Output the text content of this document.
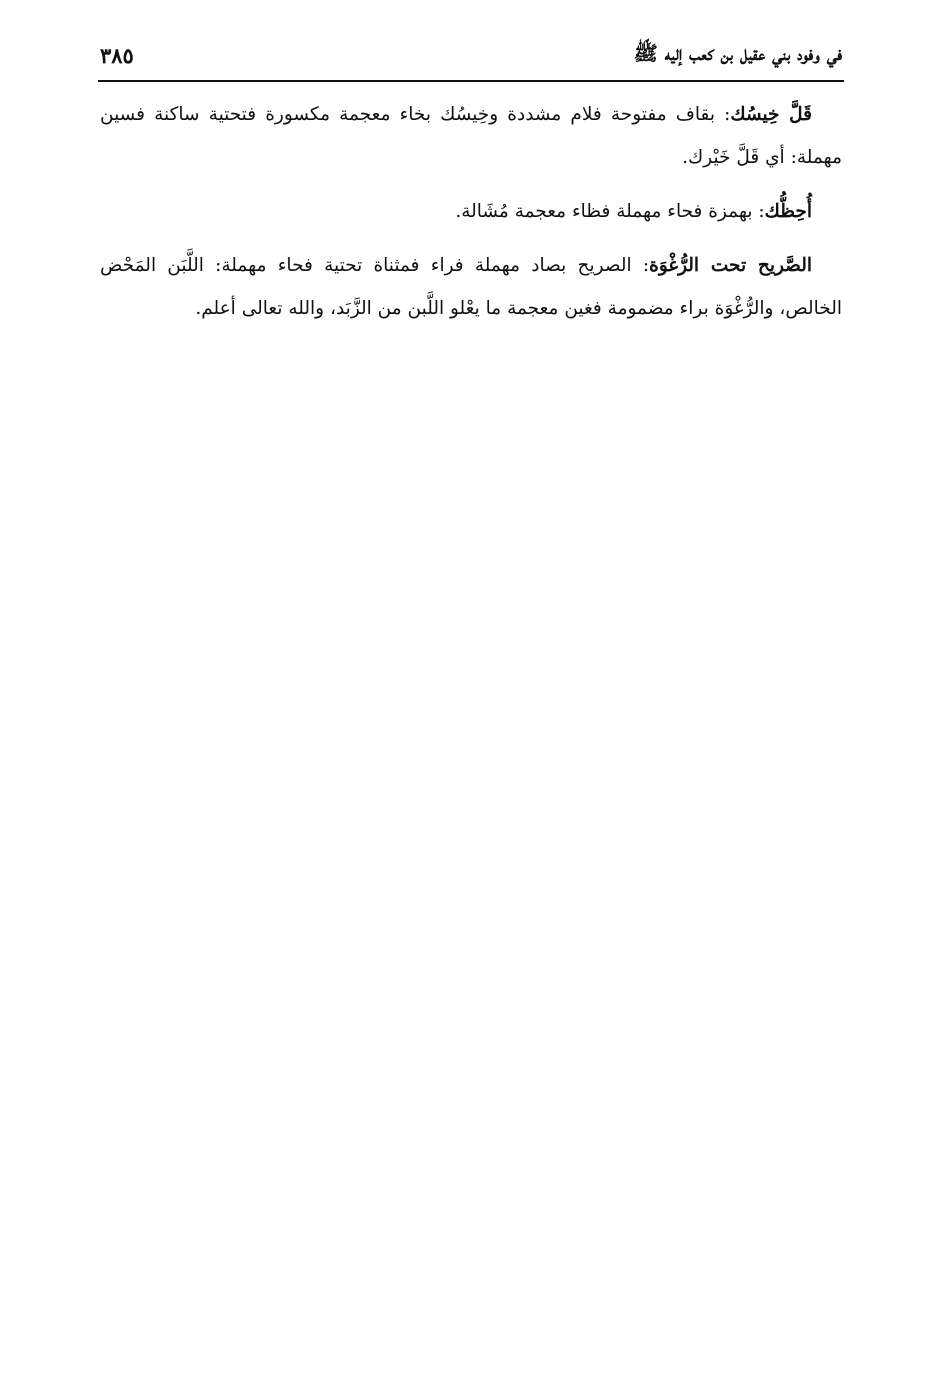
في وفود بني عقيل بن كعب إليه ﷺ
٣٨٥

قَلَّ خِيسُك: بقاف مفتوحة فلام مشددة وخِيسُك بخاء معجمة مكسورة فتحتية ساكنة فسين مهملة: أي قَلَّ خَيْرك.

أُحِظُّك: بهمزة فحاء مهملة فظاء معجمة مُشَالة.

الصَّريح تحت الرُّغْوَة: الصريح بصاد مهملة فراء فمثناة تحتية فحاء مهملة: اللَّبَن المَحْض الخالص، والرُّغْوَة براء مضمومة فغين معجمة ما يعْلو اللَّبن من الزَّبَد، والله تعالى أعلم.
